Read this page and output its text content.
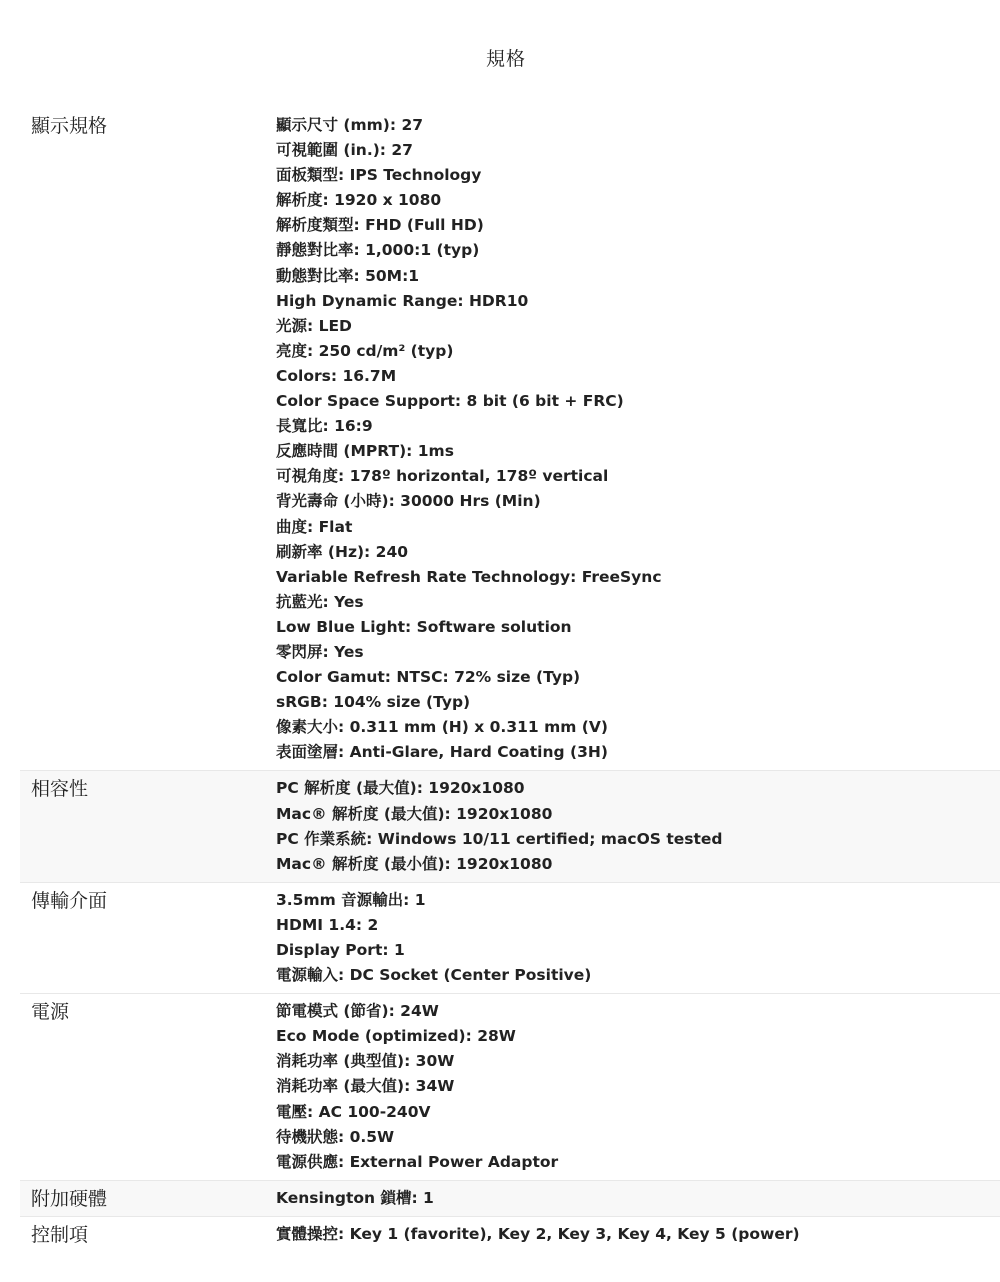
規格
顯示規格	顯示尺寸 (mm): 27
可視範圍 (in.): 27
面板類型: IPS Technology
解析度: 1920 x 1080
解析度類型: FHD (Full HD)
靜態對比率: 1,000:1 (typ)
動態對比率: 50M:1
High Dynamic Range: HDR10
光源: LED
亮度: 250 cd/m² (typ)
Colors: 16.7M
Color Space Support: 8 bit (6 bit + FRC)
長寬比: 16:9
反應時間 (MPRT): 1ms
可視角度: 178º horizontal, 178º vertical
背光壽命 (小時): 30000 Hrs (Min)
曲度: Flat
刷新率 (Hz): 240
Variable Refresh Rate Technology: FreeSync
抗藍光: Yes
Low Blue Light: Software solution
零閃屏: Yes
Color Gamut: NTSC: 72% size (Typ)
sRGB: 104% size (Typ)
像素大小: 0.311 mm (H) x 0.311 mm (V)
表面塗層: Anti-Glare, Hard Coating (3H)
相容性	PC 解析度 (最大值): 1920x1080
Mac® 解析度 (最大值): 1920x1080
PC 作業系統: Windows 10/11 certified; macOS tested
Mac® 解析度 (最小值): 1920x1080
傳輸介面	3.5mm 音源輸出: 1
HDMI 1.4: 2
Display Port: 1
電源輸入: DC Socket (Center Positive)
電源	節電模式 (節省): 24W
Eco Mode (optimized): 28W
消耗功率 (典型值): 30W
消耗功率 (最大值): 34W
電壓: AC 100-240V
待機狀態: 0.5W
電源供應: External Power Adaptor
附加硬體	Kensington 鎖槽: 1
控制項	實體操控: Key 1 (favorite), Key 2, Key 3, Key 4, Key 5 (power)
